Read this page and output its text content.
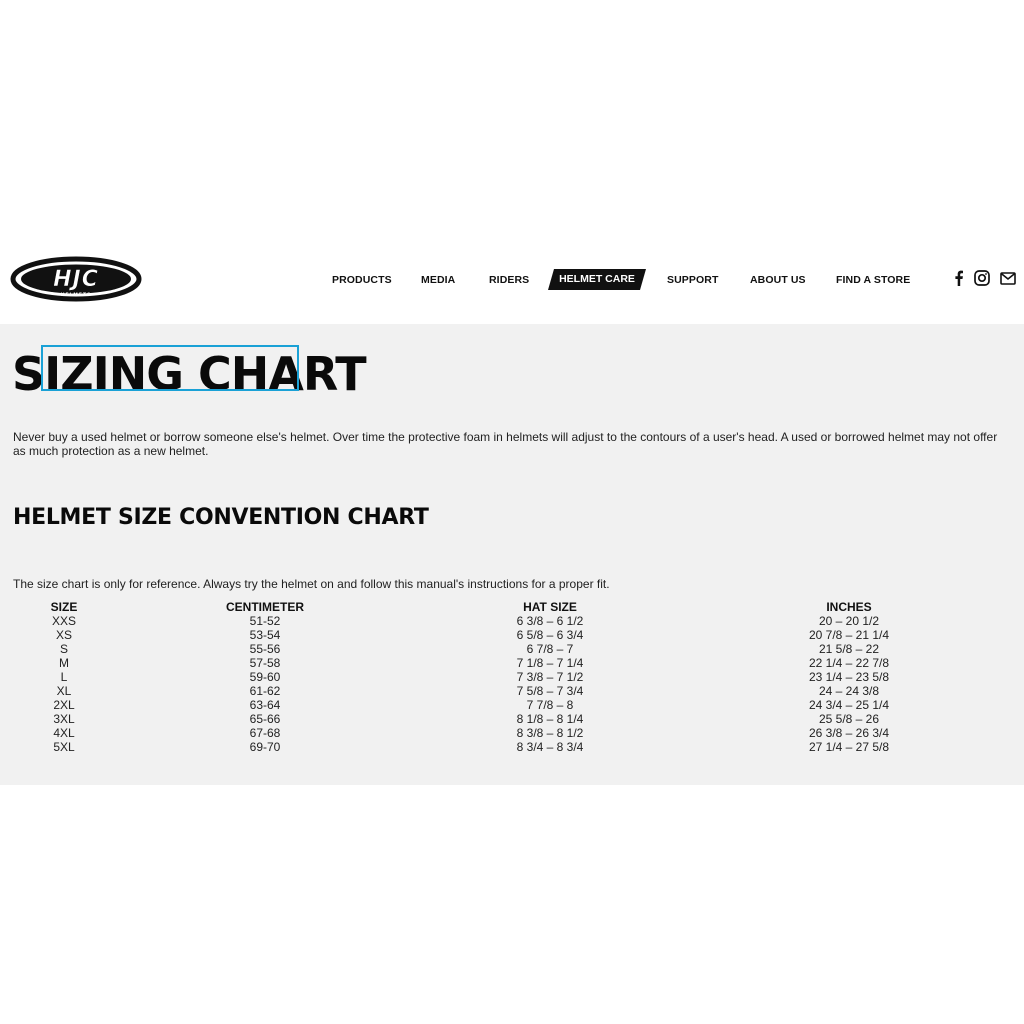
HJC
HELMETS
PRODUCTS	MEDIA	RIDERS	SUPPORT	ABOUT US	FIND A STORE
HELMET CARE
SIZING CHART

Never buy a used helmet or borrow someone else's helmet. Over time the protective foam in helmets will adjust to the contours of a user's head. A used or borrowed helmet may not offer as much protection as a new helmet.

HELMET SIZE CONVENTION CHART

The size chart is only for reference. Always try the helmet on and follow this manual's instructions for a proper fit.

SIZE	CENTIMETER	HAT SIZE	INCHES
XXS	51-52	6 3/8 – 6 1/2	20 – 20 1/2
XS	53-54	6 5/8 – 6 3/4	20 7/8 – 21 1/4
S	55-56	6 7/8 – 7	21 5/8 – 22
M	57-58	7 1/8 – 7 1/4	22 1/4 – 22 7/8
L	59-60	7 3/8 – 7 1/2	23 1/4 – 23 5/8
XL	61-62	7 5/8 – 7 3/4	24 – 24 3/8
2XL	63-64	7 7/8 – 8	24 3/4 – 25 1/4
3XL	65-66	8 1/8 – 8 1/4	25 5/8 – 26
4XL	67-68	8 3/8 – 8 1/2	26 3/8 – 26 3/4
5XL	69-70	8 3/4 – 8 3/4	27 1/4 – 27 5/8
